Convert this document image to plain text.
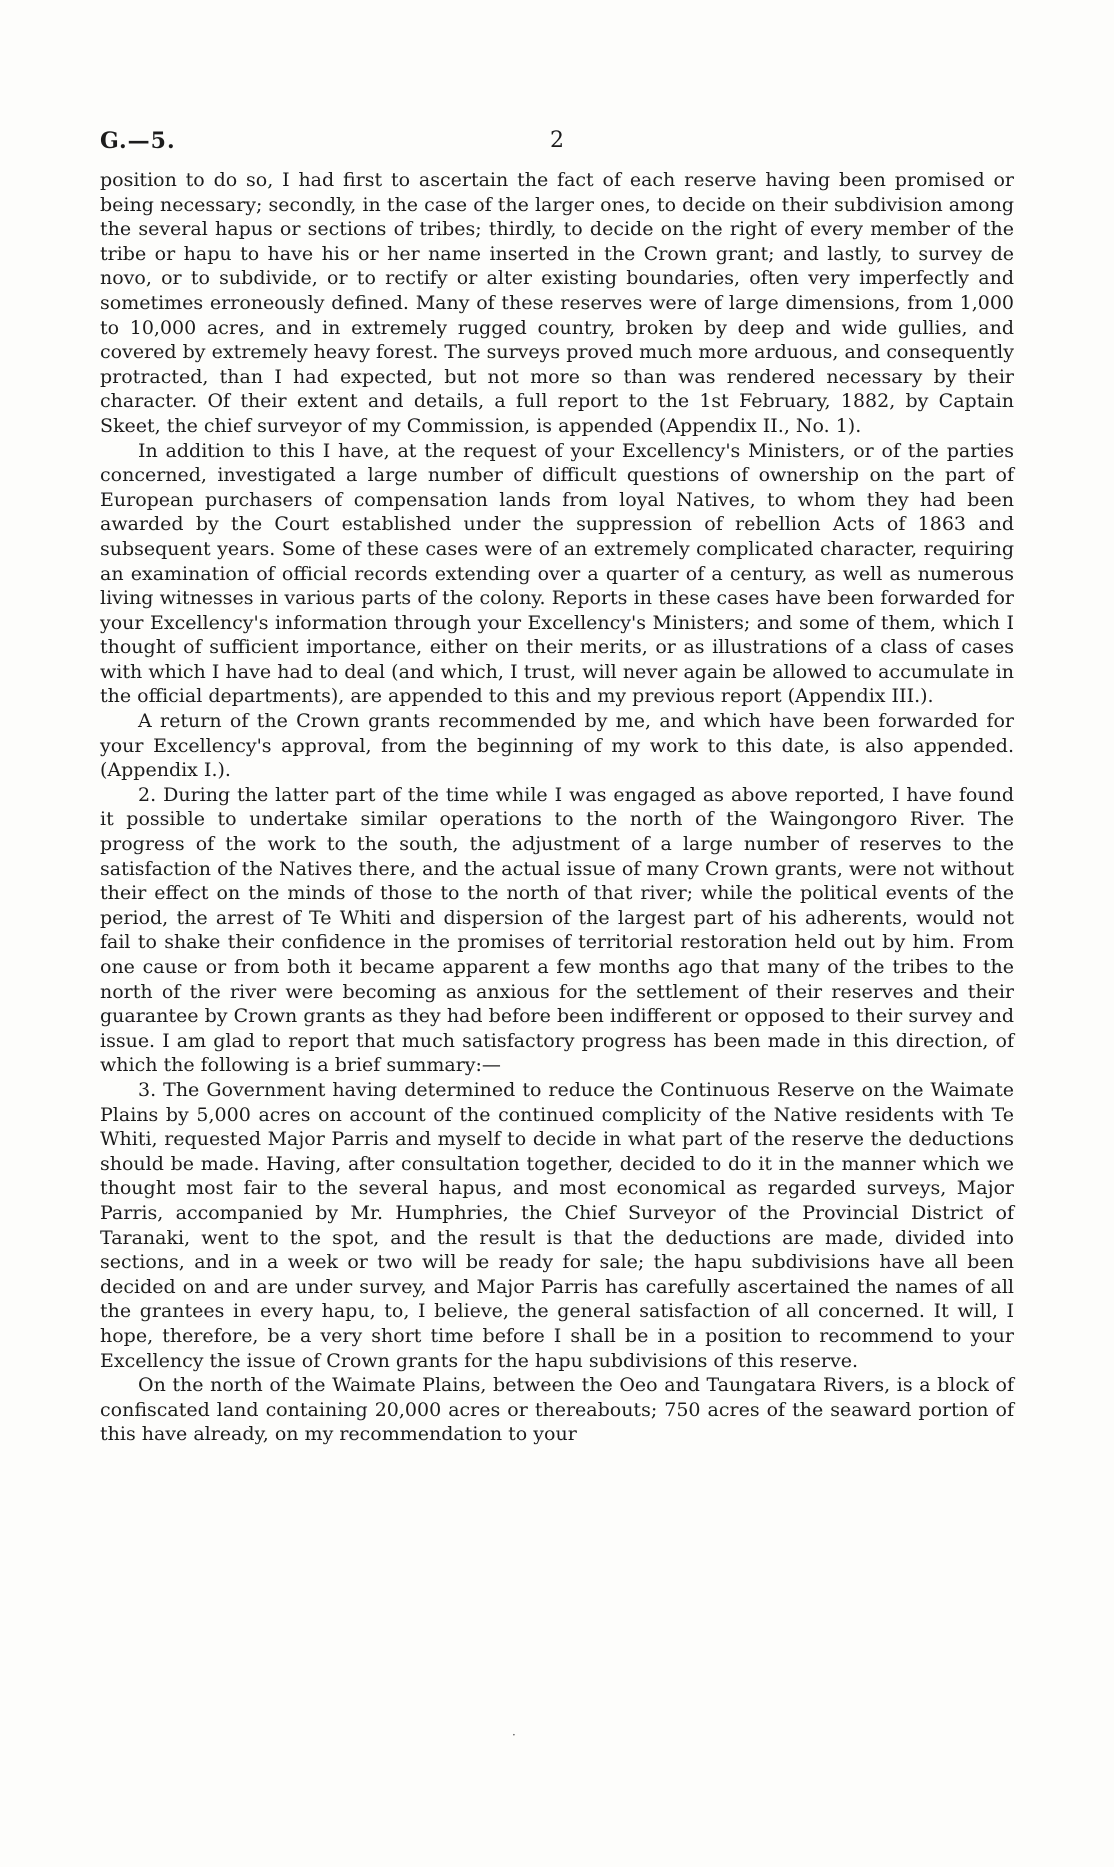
G.—5.	2

position to do so, I had first to ascertain the fact of each reserve having been promised or being necessary; secondly, in the case of the larger ones, to decide on their subdivision among the several hapus or sections of tribes; thirdly, to decide on the right of every member of the tribe or hapu to have his or her name inserted in the Crown grant; and lastly, to survey de novo, or to subdivide, or to rectify or alter existing boundaries, often very imperfectly and sometimes erroneously defined. Many of these reserves were of large dimensions, from 1,000 to 10,000 acres, and in extremely rugged country, broken by deep and wide gullies, and covered by extremely heavy forest. The surveys proved much more arduous, and consequently protracted, than I had expected, but not more so than was rendered necessary by their character. Of their extent and details, a full report to the 1st February, 1882, by Captain Skeet, the chief surveyor of my Commission, is appended (Appendix II., No. 1).

In addition to this I have, at the request of your Excellency's Ministers, or of the parties concerned, investigated a large number of difficult questions of ownership on the part of European purchasers of compensation lands from loyal Natives, to whom they had been awarded by the Court established under the suppression of rebellion Acts of 1863 and subsequent years. Some of these cases were of an extremely complicated character, requiring an examination of official records extending over a quarter of a century, as well as numerous living witnesses in various parts of the colony. Reports in these cases have been forwarded for your Excellency's information through your Excellency's Ministers; and some of them, which I thought of sufficient importance, either on their merits, or as illustrations of a class of cases with which I have had to deal (and which, I trust, will never again be allowed to accumulate in the official departments), are appended to this and my previous report (Appendix III.).

A return of the Crown grants recommended by me, and which have been forwarded for your Excellency's approval, from the beginning of my work to this date, is also appended. (Appendix I.).

2. During the latter part of the time while I was engaged as above reported, I have found it possible to undertake similar operations to the north of the Waingongoro River. The progress of the work to the south, the adjustment of a large number of reserves to the satisfaction of the Natives there, and the actual issue of many Crown grants, were not without their effect on the minds of those to the north of that river; while the political events of the period, the arrest of Te Whiti and dispersion of the largest part of his adherents, would not fail to shake their confidence in the promises of territorial restoration held out by him. From one cause or from both it became apparent a few months ago that many of the tribes to the north of the river were becoming as anxious for the settlement of their reserves and their guarantee by Crown grants as they had before been indifferent or opposed to their survey and issue. I am glad to report that much satisfactory progress has been made in this direction, of which the following is a brief summary:—

3. The Government having determined to reduce the Continuous Reserve on the Waimate Plains by 5,000 acres on account of the continued complicity of the Native residents with Te Whiti, requested Major Parris and myself to decide in what part of the reserve the deductions should be made. Having, after consultation together, decided to do it in the manner which we thought most fair to the several hapus, and most economical as regarded surveys, Major Parris, accompanied by Mr. Humphries, the Chief Surveyor of the Provincial District of Taranaki, went to the spot, and the result is that the deductions are made, divided into sections, and in a week or two will be ready for sale; the hapu subdivisions have all been decided on and are under survey, and Major Parris has carefully ascertained the names of all the grantees in every hapu, to, I believe, the general satisfaction of all concerned. It will, I hope, therefore, be a very short time before I shall be in a position to recommend to your Excellency the issue of Crown grants for the hapu subdivisions of this reserve.

On the north of the Waimate Plains, between the Oeo and Taungatara Rivers, is a block of confiscated land containing 20,000 acres or thereabouts; 750 acres of the seaward portion of this have already, on my recommendation to your

·
